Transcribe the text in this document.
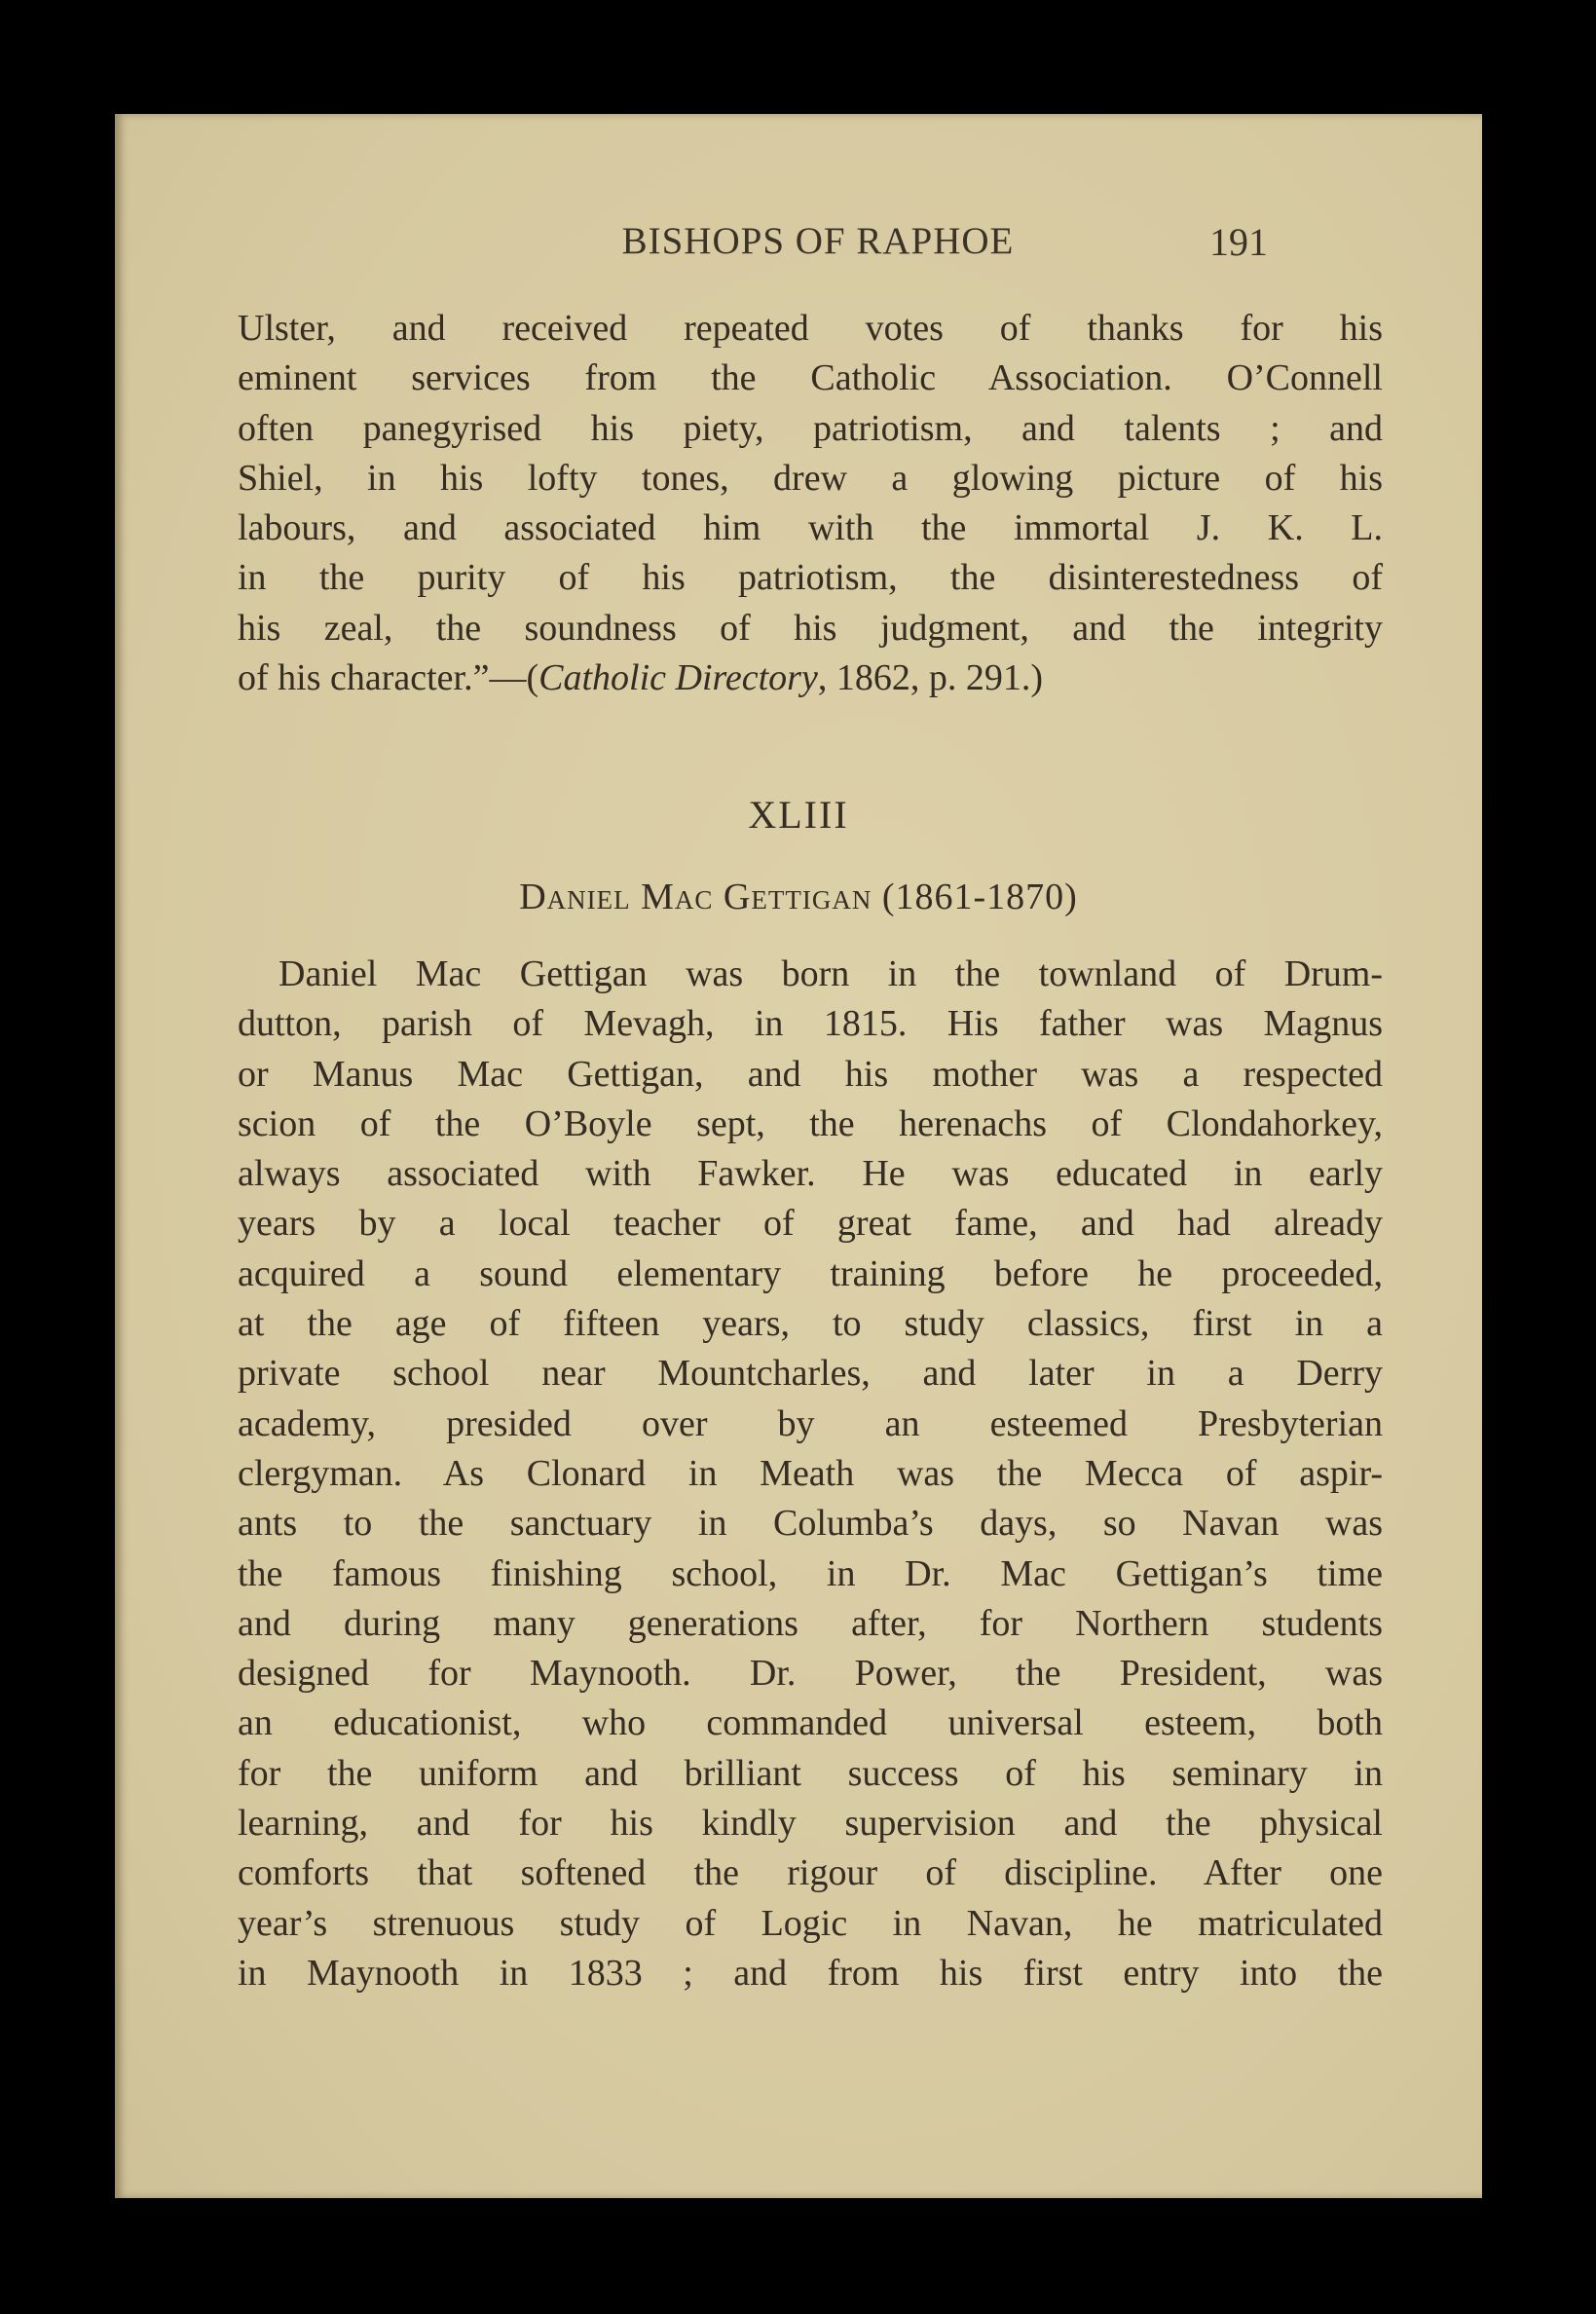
BISHOPS OF RAPHOE	191
Ulster, and received repeated votes of thanks for his
eminent services from the Catholic Association. O’Connell
often panegyrised his piety, patriotism, and talents ; and
Shiel, in his lofty tones, drew a glowing picture of his
labours, and associated him with the immortal J. K. L.
in the purity of his patriotism, the disinterestedness of
his zeal, the soundness of his judgment, and the integrity
of his character.”—(Catholic Directory, 1862, p. 291.)
XLIII
Daniel Mac Gettigan (1861-1870)
Daniel Mac Gettigan was born in the townland of Drum-
dutton, parish of Mevagh, in 1815. His father was Magnus
or Manus Mac Gettigan, and his mother was a respected
scion of the O’Boyle sept, the herenachs of Clondahorkey,
always associated with Fawker. He was educated in early
years by a local teacher of great fame, and had already
acquired a sound elementary training before he proceeded,
at the age of fifteen years, to study classics, first in a
private school near Mountcharles, and later in a Derry
academy, presided over by an esteemed Presbyterian
clergyman. As Clonard in Meath was the Mecca of aspir-
ants to the sanctuary in Columba’s days, so Navan was
the famous finishing school, in Dr. Mac Gettigan’s time
and during many generations after, for Northern students
designed for Maynooth. Dr. Power, the President, was
an educationist, who commanded universal esteem, both
for the uniform and brilliant success of his seminary in
learning, and for his kindly supervision and the physical
comforts that softened the rigour of discipline. After one
year’s strenuous study of Logic in Navan, he matriculated
in Maynooth in 1833 ; and from his first entry into the
